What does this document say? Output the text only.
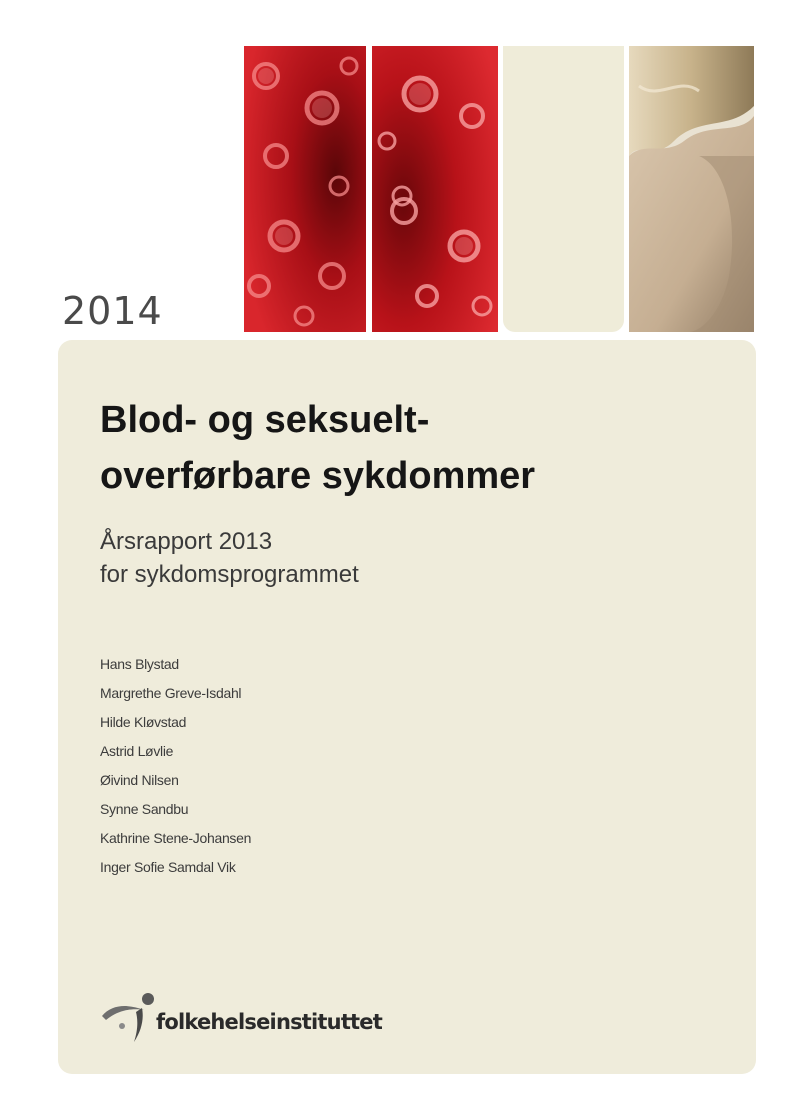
2014
Blod- og seksuelt-
overførbare sykdommer
Årsrapport 2013
for sykdomsprogrammet
Hans Blystad
Margrethe Greve-Isdahl
Hilde Kløvstad
Astrid Løvlie
Øivind Nilsen
Synne Sandbu
Kathrine Stene-Johansen
Inger Sofie Samdal Vik
folkehelseinstituttet
